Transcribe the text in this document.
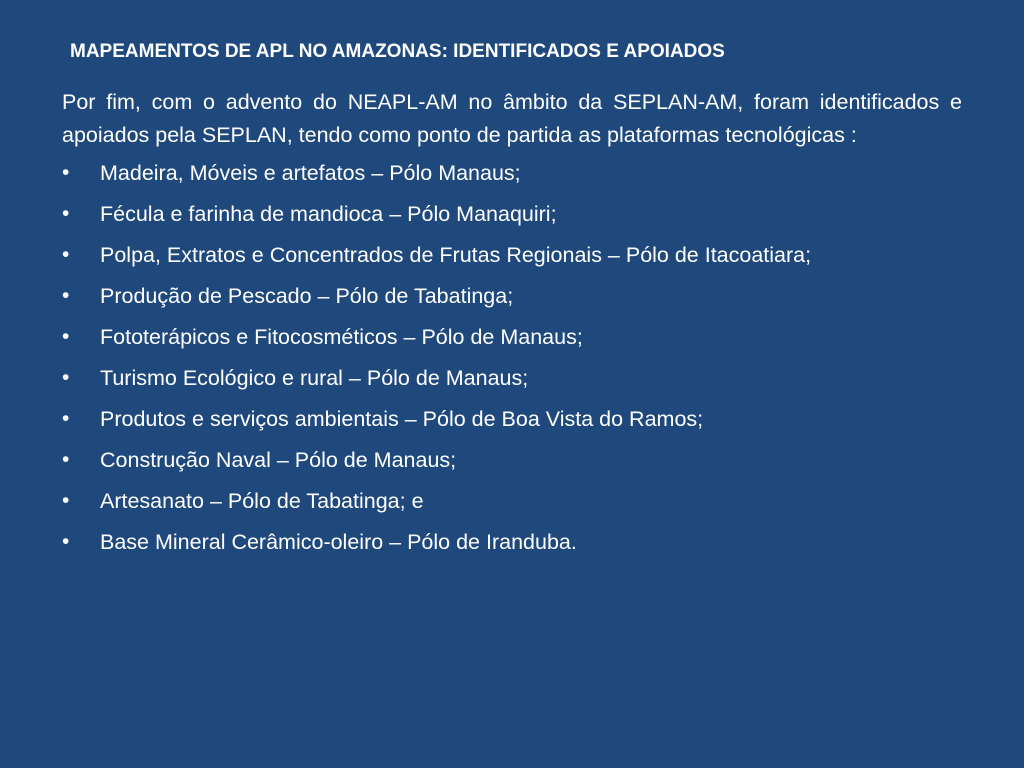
MAPEAMENTOS DE APL NO AMAZONAS: IDENTIFICADOS E APOIADOS

Por fim, com o advento do NEAPL-AM no âmbito da SEPLAN-AM, foram identificados e apoiados pela SEPLAN, tendo como ponto de partida as plataformas tecnológicas :

•	Madeira, Móveis e artefatos – Pólo Manaus;
•	Fécula e farinha de mandioca – Pólo Manaquiri;
•	Polpa, Extratos e Concentrados de Frutas Regionais – Pólo de Itacoatiara;
•	Produção de Pescado – Pólo de Tabatinga;
•	Fototerápicos e Fitocosméticos – Pólo de Manaus;
•	Turismo Ecológico e rural – Pólo de Manaus;
•	Produtos e serviços ambientais – Pólo de Boa Vista do Ramos;
•	Construção Naval – Pólo de Manaus;
•	Artesanato – Pólo de Tabatinga; e
•	Base Mineral Cerâmico-oleiro – Pólo de Iranduba.
